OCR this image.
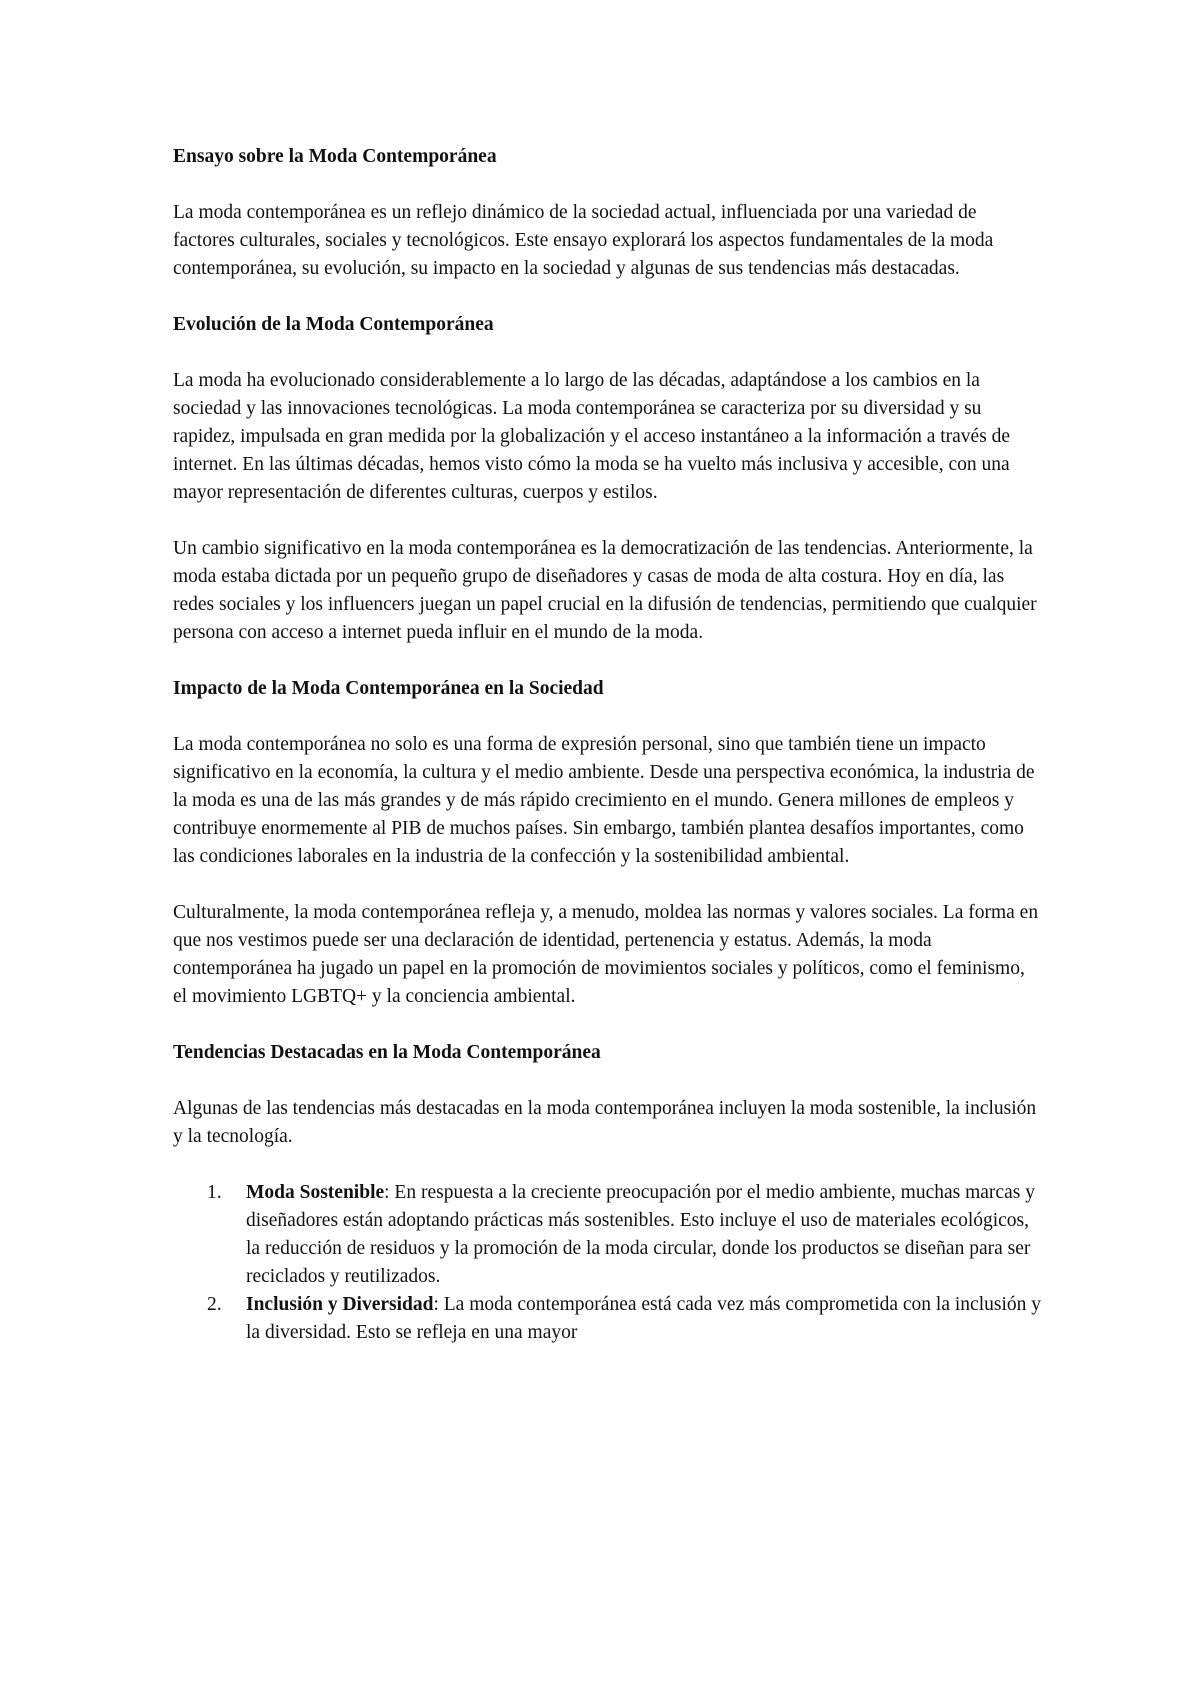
Ensayo sobre la Moda Contemporánea

La moda contemporánea es un reflejo dinámico de la sociedad actual, influenciada por una variedad de factores culturales, sociales y tecnológicos. Este ensayo explorará los aspectos fundamentales de la moda contemporánea, su evolución, su impacto en la sociedad y algunas de sus tendencias más destacadas.

Evolución de la Moda Contemporánea

La moda ha evolucionado considerablemente a lo largo de las décadas, adaptándose a los cambios en la sociedad y las innovaciones tecnológicas. La moda contemporánea se caracteriza por su diversidad y su rapidez, impulsada en gran medida por la globalización y el acceso instantáneo a la información a través de internet. En las últimas décadas, hemos visto cómo la moda se ha vuelto más inclusiva y accesible, con una mayor representación de diferentes culturas, cuerpos y estilos.

Un cambio significativo en la moda contemporánea es la democratización de las tendencias. Anteriormente, la moda estaba dictada por un pequeño grupo de diseñadores y casas de moda de alta costura. Hoy en día, las redes sociales y los influencers juegan un papel crucial en la difusión de tendencias, permitiendo que cualquier persona con acceso a internet pueda influir en el mundo de la moda.

Impacto de la Moda Contemporánea en la Sociedad

La moda contemporánea no solo es una forma de expresión personal, sino que también tiene un impacto significativo en la economía, la cultura y el medio ambiente. Desde una perspectiva económica, la industria de la moda es una de las más grandes y de más rápido crecimiento en el mundo. Genera millones de empleos y contribuye enormemente al PIB de muchos países. Sin embargo, también plantea desafíos importantes, como las condiciones laborales en la industria de la confección y la sostenibilidad ambiental.

Culturalmente, la moda contemporánea refleja y, a menudo, moldea las normas y valores sociales. La forma en que nos vestimos puede ser una declaración de identidad, pertenencia y estatus. Además, la moda contemporánea ha jugado un papel en la promoción de movimientos sociales y políticos, como el feminismo, el movimiento LGBTQ+ y la conciencia ambiental.

Tendencias Destacadas en la Moda Contemporánea

Algunas de las tendencias más destacadas en la moda contemporánea incluyen la moda sostenible, la inclusión y la tecnología.

1. Moda Sostenible: En respuesta a la creciente preocupación por el medio ambiente, muchas marcas y diseñadores están adoptando prácticas más sostenibles. Esto incluye el uso de materiales ecológicos, la reducción de residuos y la promoción de la moda circular, donde los productos se diseñan para ser reciclados y reutilizados.
2. Inclusión y Diversidad: La moda contemporánea está cada vez más comprometida con la inclusión y la diversidad. Esto se refleja en una mayor
